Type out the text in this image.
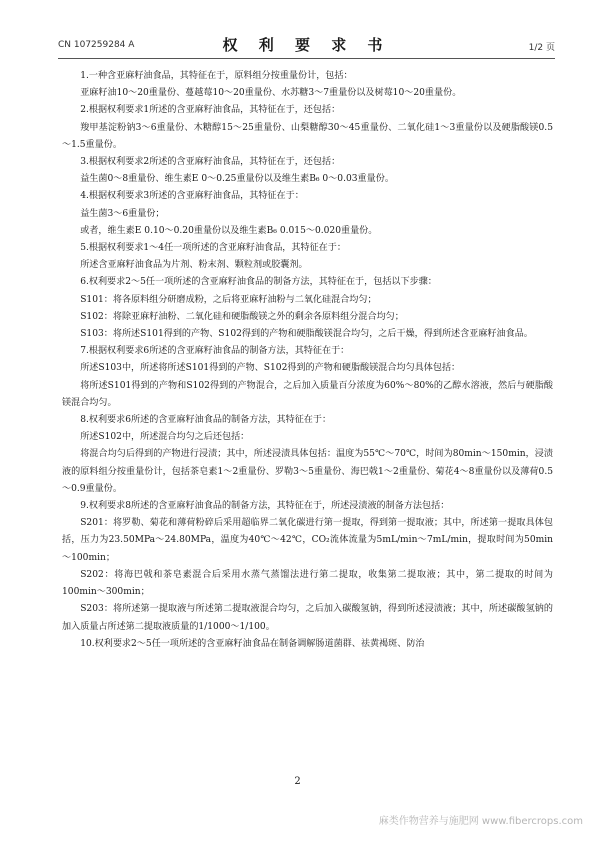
CN 107259284 A	权 利 要 求 书	1/2 页

1.一种含亚麻籽油食品，其特征在于，原料组分按重量份计，包括：

亚麻籽油10～20重量份、蔓越莓10～20重量份、水苏糖3～7重量份以及树莓10～20重量份。

2.根据权利要求1所述的含亚麻籽油食品，其特征在于，还包括：

羧甲基淀粉钠3～6重量份、木糖醇15～25重量份、山梨糖醇30～45重量份、二氧化硅1～3重量份以及硬脂酸镁0.5～1.5重量份。

3.根据权利要求2所述的含亚麻籽油食品，其特征在于，还包括：

益生菌0～8重量份、维生素E 0～0.25重量份以及维生素B₆ 0～0.03重量份。

4.根据权利要求3所述的含亚麻籽油食品，其特征在于：

益生菌3～6重量份；

或者，维生素E 0.10～0.20重量份以及维生素B₆ 0.015～0.020重量份。

5.根据权利要求1～4任一项所述的含亚麻籽油食品，其特征在于：

所述含亚麻籽油食品为片剂、粉末剂、颗粒剂或胶囊剂。

6.权利要求2～5任一项所述的含亚麻籽油食品的制备方法，其特征在于，包括以下步骤：

S101：将各原料组分研磨成粉，之后将亚麻籽油粉与二氧化硅混合均匀；

S102：将除亚麻籽油粉、二氧化硅和硬脂酸镁之外的剩余各原料组分混合均匀；

S103：将所述S101得到的产物、S102得到的产物和硬脂酸镁混合均匀，之后干燥，得到所述含亚麻籽油食品。

7.根据权利要求6所述的含亚麻籽油食品的制备方法，其特征在于：

所述S103中，所述将所述S101得到的产物、S102得到的产物和硬脂酸镁混合均匀具体包括：

将所述S101得到的产物和S102得到的产物混合，之后加入质量百分浓度为60%～80%的乙醇水溶液，然后与硬脂酸镁混合均匀。

8.权利要求6所述的含亚麻籽油食品的制备方法，其特征在于：

所述S102中，所述混合均匀之后还包括：

将混合均匀后得到的产物进行浸渍；其中，所述浸渍具体包括：温度为55℃～70℃，时间为80min～150min，浸渍液的原料组分按重量份计，包括茶皂素1～2重量份、罗勒3～5重量份、海巴戟1～2重量份、菊花4～8重量份以及薄荷0.5～0.9重量份。

9.权利要求8所述的含亚麻籽油食品的制备方法，其特征在于，所述浸渍液的制备方法包括：

S201：将罗勒、菊花和薄荷粉碎后采用超临界二氧化碳进行第一提取，得到第一提取液；其中，所述第一提取具体包括，压力为23.50MPa～24.80MPa，温度为40℃～42℃，CO₂流体流量为5mL/min～7mL/min，提取时间为50min～100min；

S202：将海巴戟和茶皂素混合后采用水蒸气蒸馏法进行第二提取，收集第二提取液；其中，第二提取的时间为100min～300min；

S203：将所述第一提取液与所述第二提取液混合均匀，之后加入碳酸氢钠，得到所述浸渍液；其中，所述碳酸氢钠的加入质量占所述第二提取液质量的1/1000～1/100。

10.权利要求2～5任一项所述的含亚麻籽油食品在制备调解肠道菌群、祛黄褐斑、防治

2
麻类作物营养与施肥网 www.fibercrops.com
